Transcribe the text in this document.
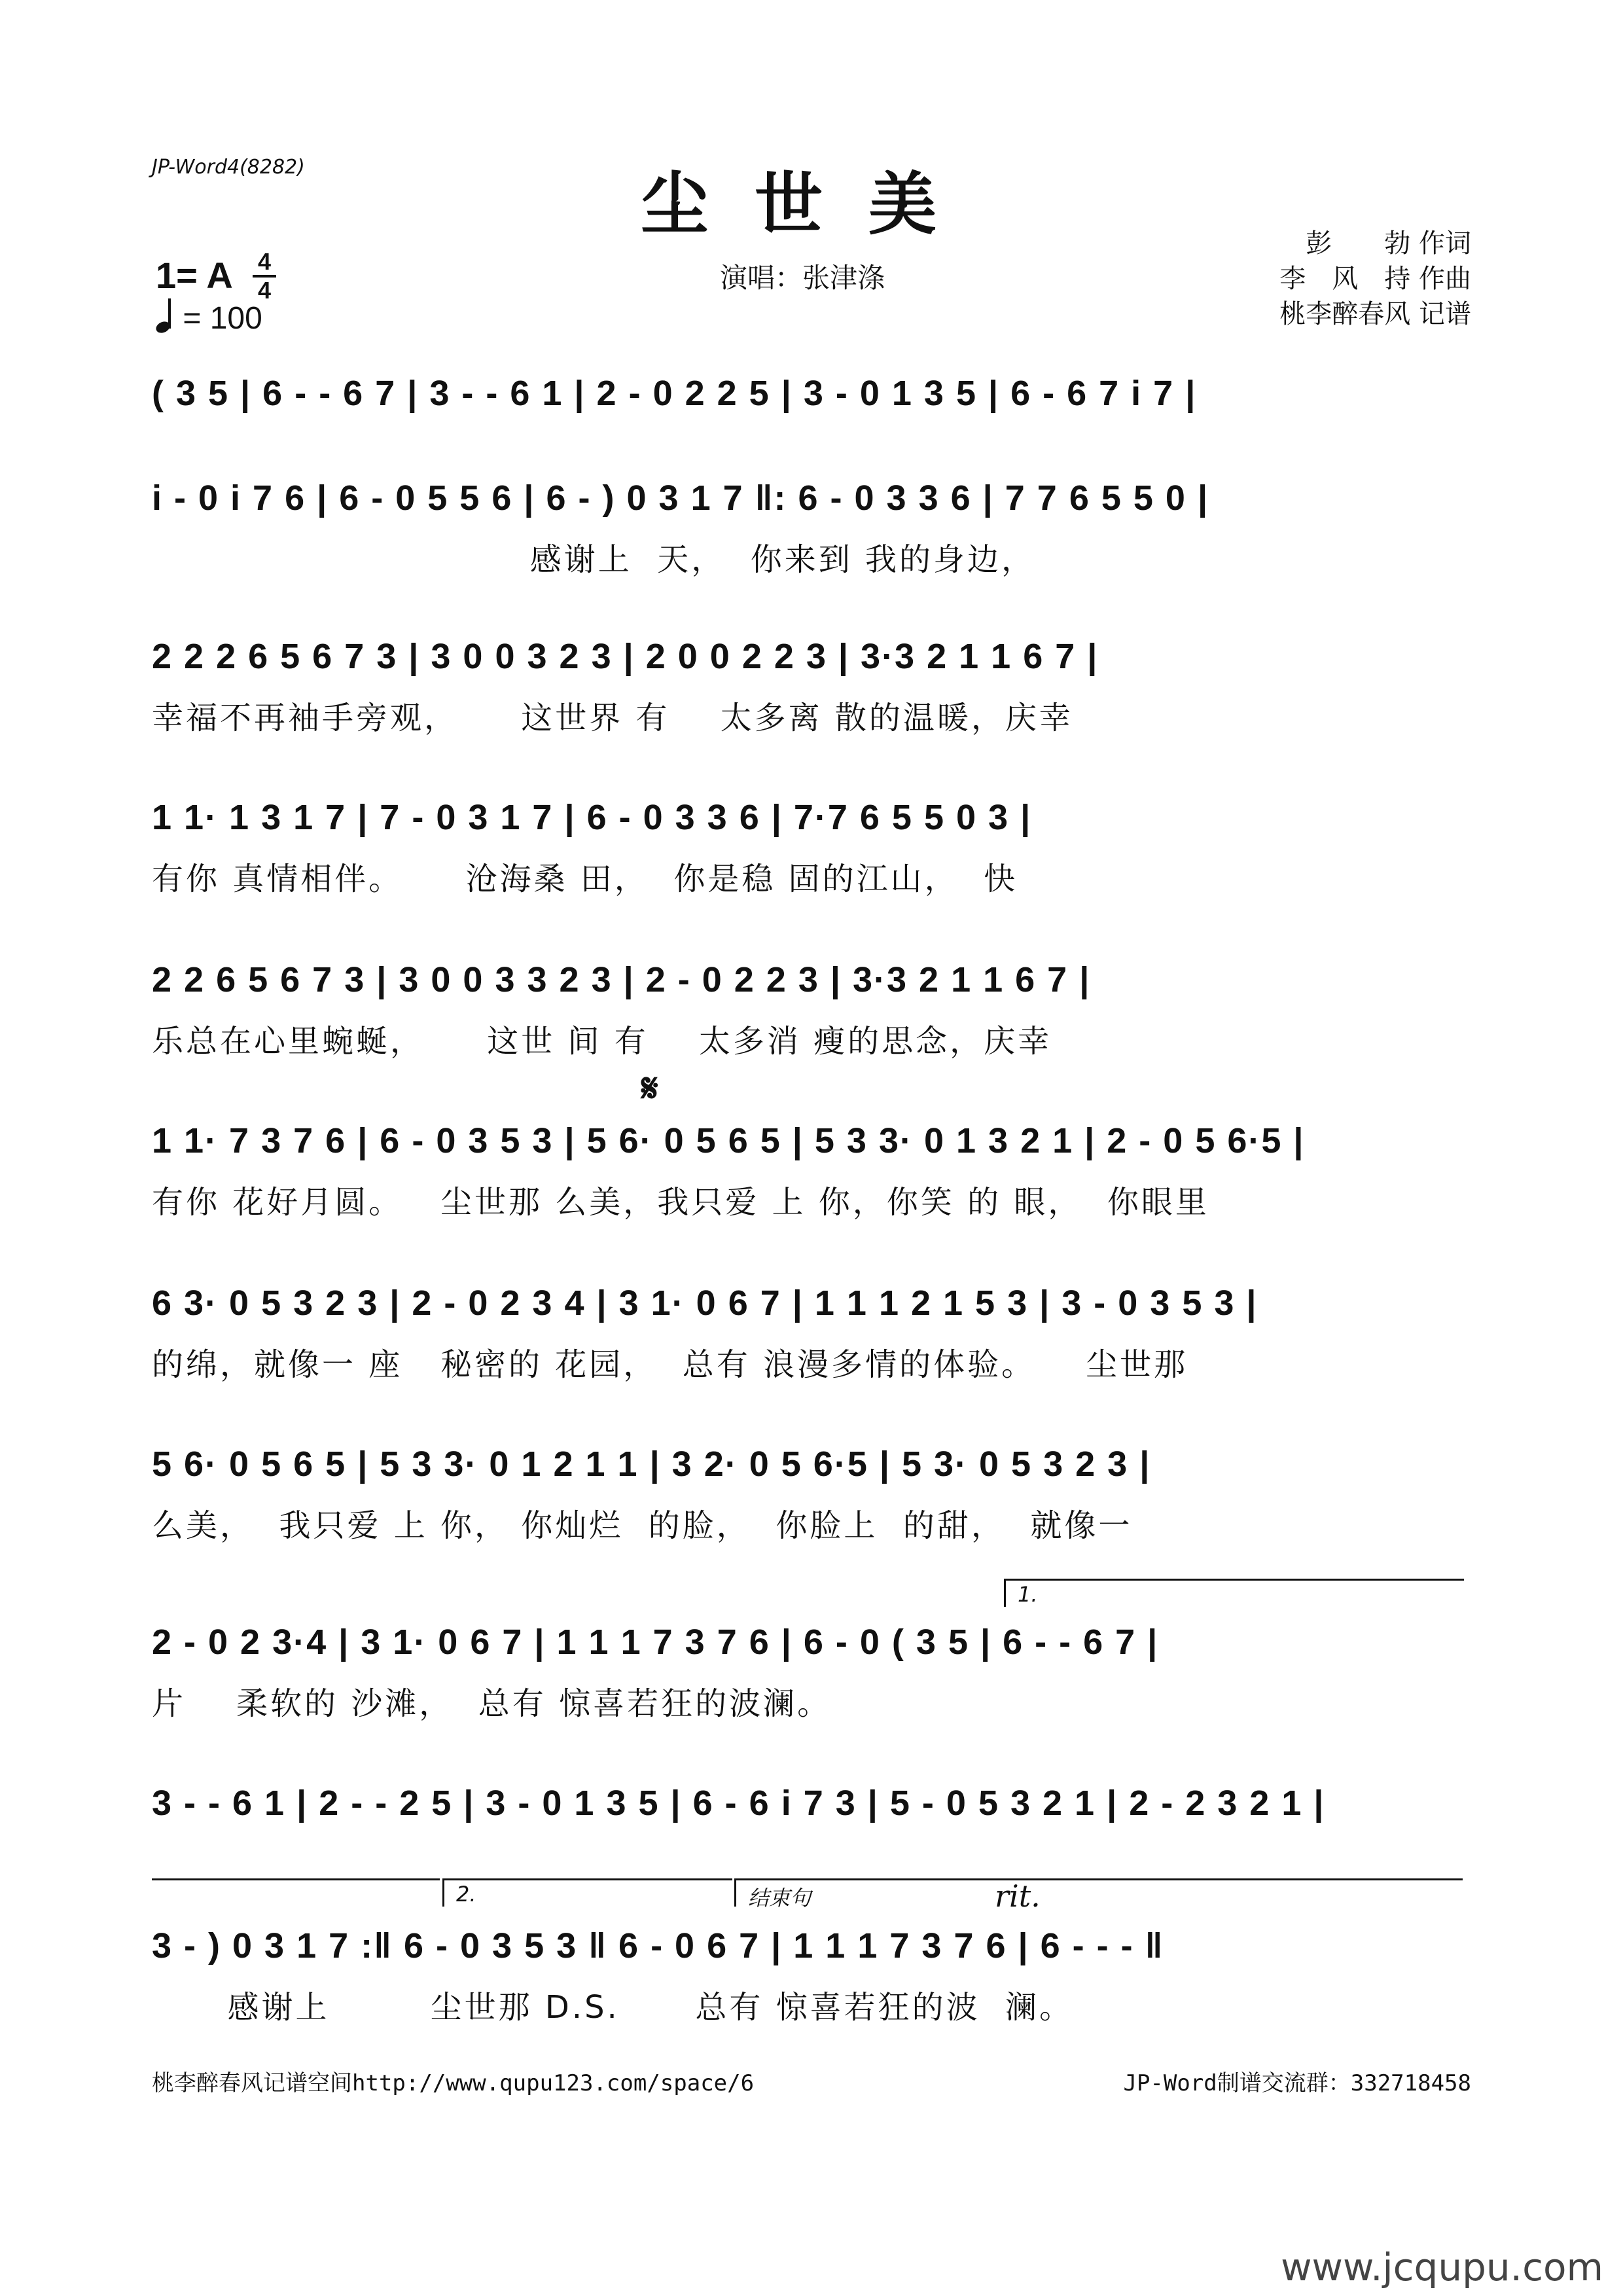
JP-Word4(8282)	尘世美
1= A 4
4
= 100
演唱：张津涤
彭　　勃 作词
李　风　持 作曲
桃李醉春风 记谱
( 3 5 | 6 - - 6 7 | 3 - - 6 1 | 2 - 0 2 2 5 | 3 - 0 1 3 5 | 6 - 6 7 i 7 |
i - 0 i 7 6 | 6 - 0 5 5 6 | 6 - ) 0 3 1 7 ‖: 6 - 0 3 3 6 | 7 7 6 5 5 0 |
感谢上  天，  你来到 我的身边，
2 2 2 6 5 6 7 3 | 3 0 0 3 2 3 | 2 0 0 2 2 3 | 3·3 2 1 1 6 7 |
幸福不再袖手旁观，     这世界 有    太多离 散的温暖，庆幸
1 1· 1 3 1 7 | 7 - 0 3 1 7 | 6 - 0 3 3 6 | 7·7 6 5 5 0 3 |
有你 真情相伴。     沧海桑 田，  你是稳 固的江山，  快
2 2 6 5 6 7 3 | 3 0 0 3 3 2 3 | 2 - 0 2 2 3 | 3·3 2 1 1 6 7 |
乐总在心里蜿蜒，     这世 间 有    太多消 瘦的思念，庆幸
𝄋
1 1· 7 3 7 6 | 6 - 0 3 5 3 | 5 6· 0 5 6 5 | 5 3 3· 0 1 3 2 1 | 2 - 0 5 6·5 |
有你 花好月圆。   尘世那 么美，我只爱 上 你，你笑 的 眼，  你眼里
6 3· 0 5 3 2 3 | 2 - 0 2 3 4 | 3 1· 0 6 7 | 1 1 1 2 1 5 3 | 3 - 0 3 5 3 |
的绵，就像一 座   秘密的 花园，  总有 浪漫多情的体验。    尘世那
5 6· 0 5 6 5 | 5 3 3· 0 1 2 1 1 | 3 2· 0 5 6·5 | 5 3· 0 5 3 2 3 |
么美，  我只爱 上 你， 你灿烂  的脸，  你脸上  的甜，  就像一
1.
2 - 0 2 3·4 | 3 1· 0 6 7 | 1 1 1 7 3 7 6 | 6 - 0 ( 3 5 | 6 - - 6 7 |
片    柔软的 沙滩，  总有 惊喜若狂的波澜。
3 - - 6 1 | 2 - - 2 5 | 3 - 0 1 3 5 | 6 - 6 i 7 3 | 5 - 0 5 3 2 1 | 2 - 2 3 2 1 |
2.	结束句	rit.
3 - ) 0 3 1 7 :‖ 6 - 0 3 5 3 ‖ 6 - 0 6 7 | 1 1 1 7 3 7 6 | 6 - - - ‖
感谢上        尘世那 D.S.      总有 惊喜若狂的波  澜。
桃李醉春风记谱空间http://www.qupu123.com/space/6	JP-Word制谱交流群：332718458
www.jcqupu.com
